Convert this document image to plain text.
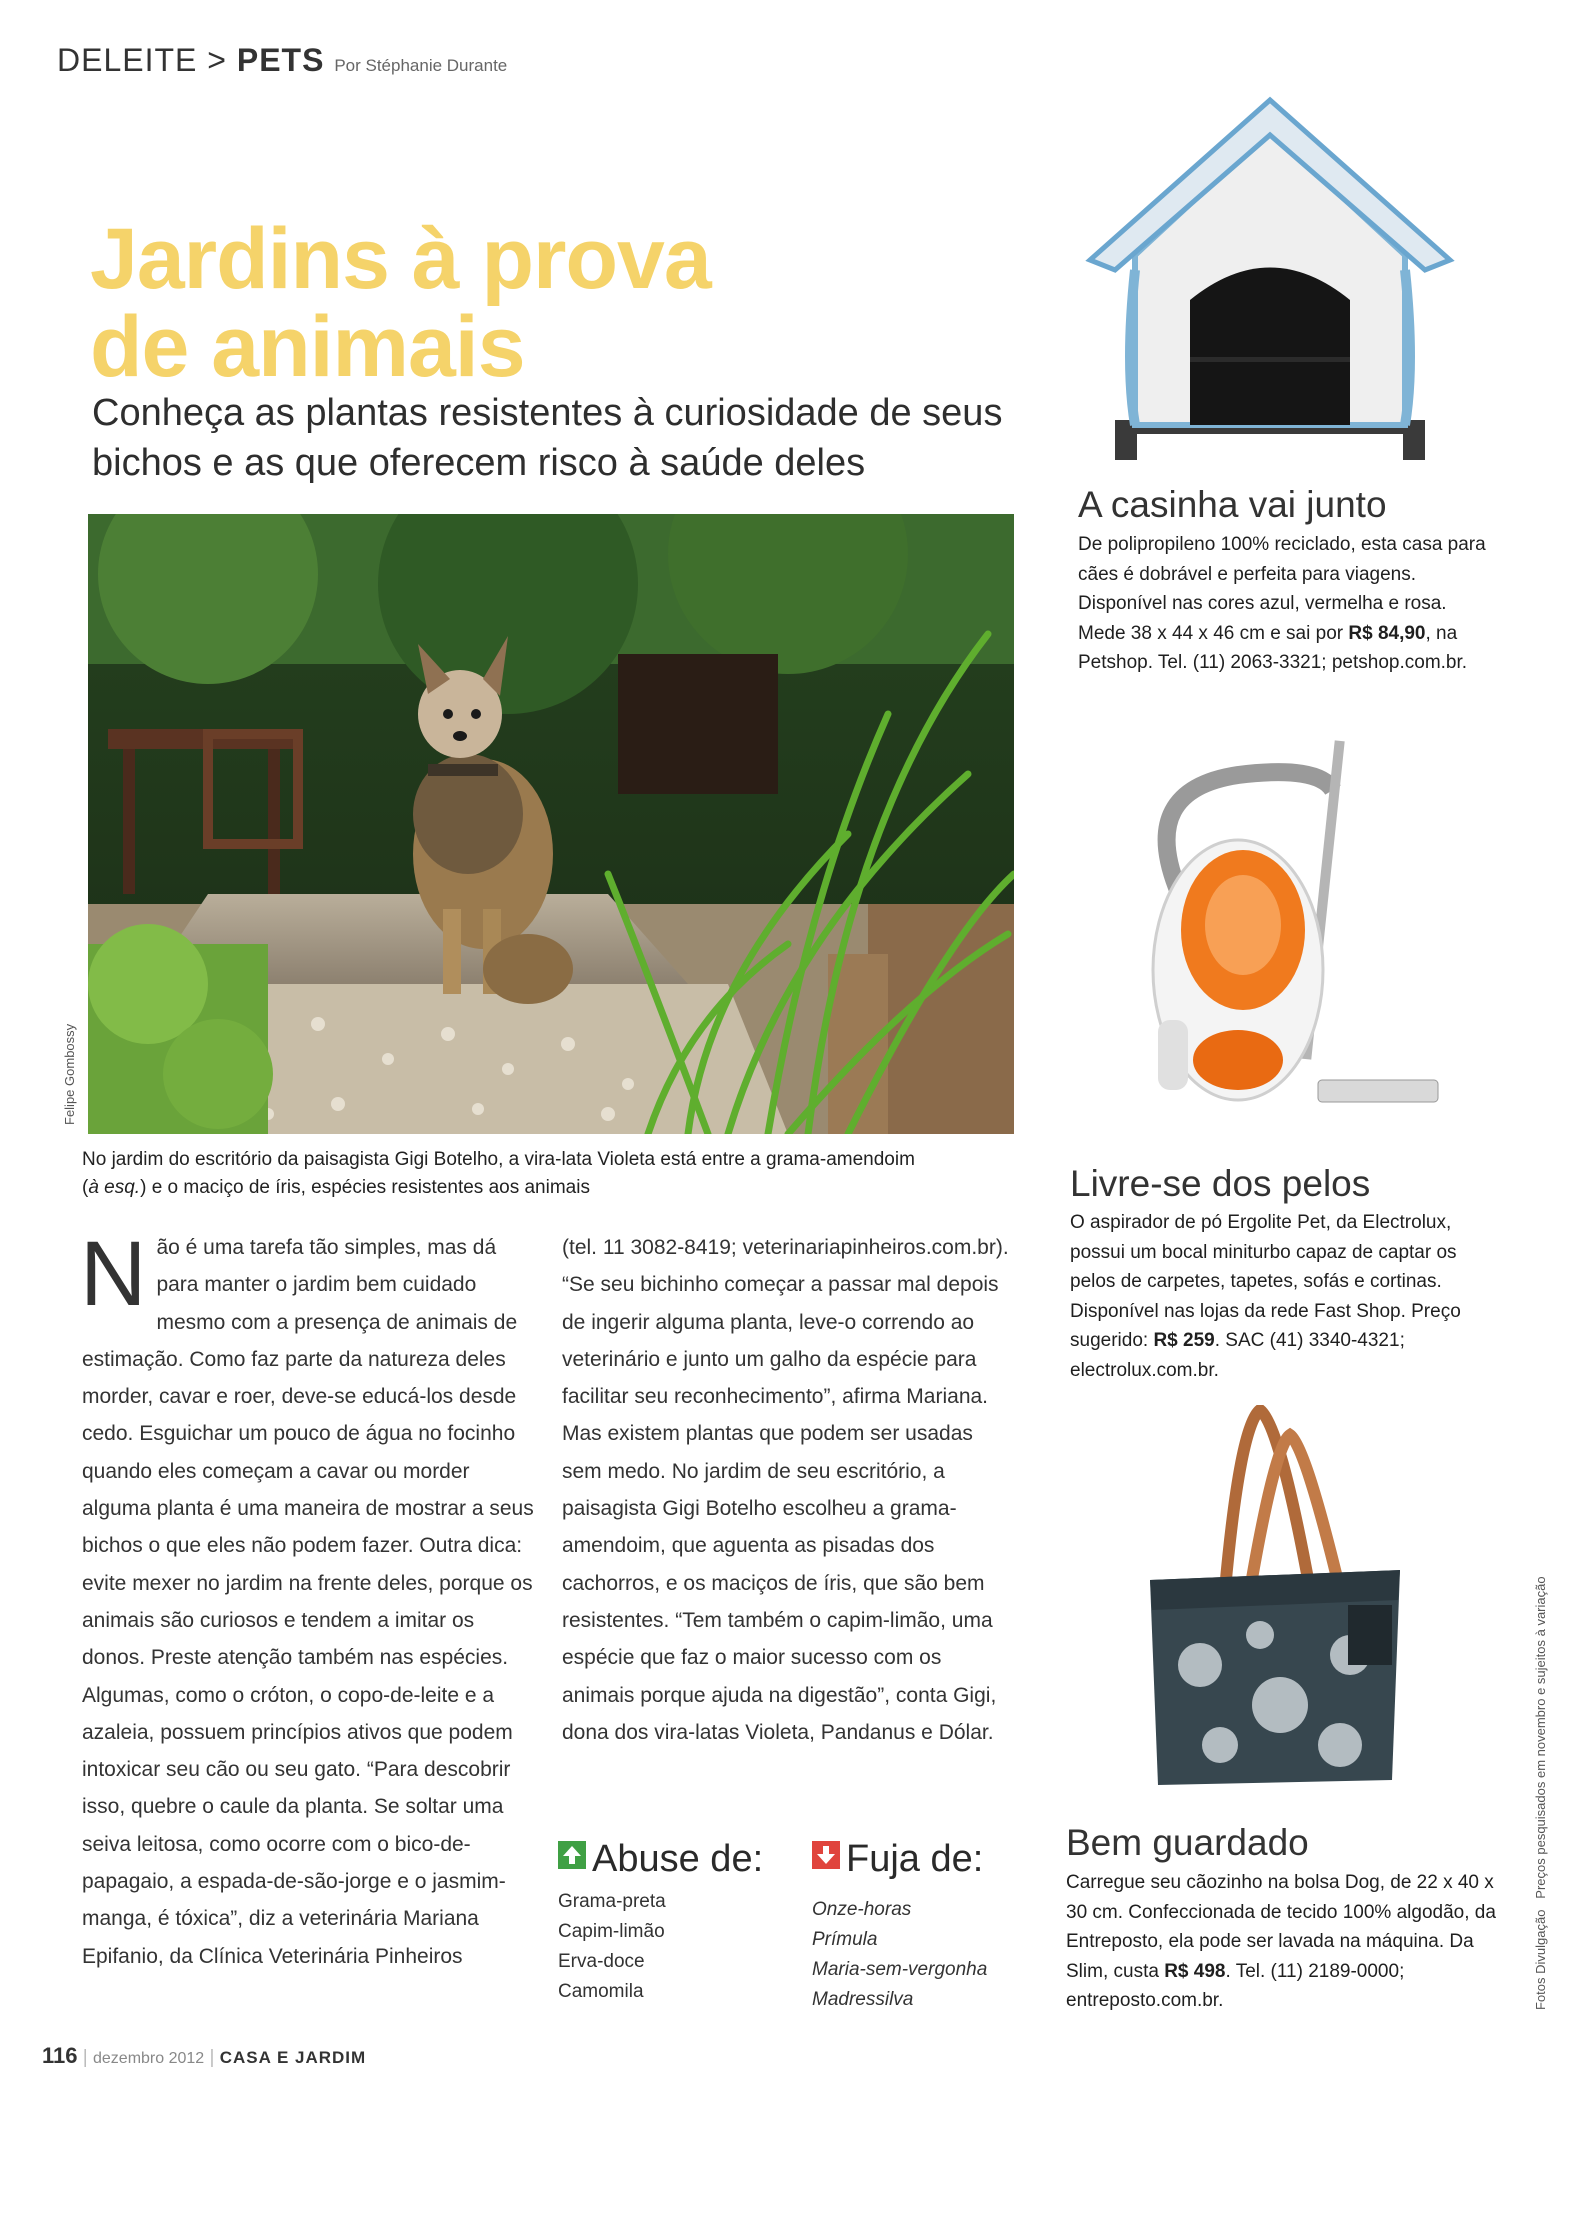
DELEITE > PETS Por Stéphanie Durante
Jardins à prova de animais
Conheça as plantas resistentes à curiosidade de seus bichos e as que oferecem risco à saúde deles
Felipe Gombossy
No jardim do escritório da paisagista Gigi Botelho, a vira-lata Violeta está entre a grama-amendoim (à esq.) e o maciço de íris, espécies resistentes aos animais
Não é uma tarefa tão simples, mas dá para manter o jardim bem cuidado mesmo com a presença de animais de estimação. Como faz parte da natureza deles morder, cavar e roer, deve-se educá-los desde cedo. Esguichar um pouco de água no focinho quando eles começam a cavar ou morder alguma planta é uma maneira de mostrar a seus bichos o que eles não podem fazer. Outra dica: evite mexer no jardim na frente deles, porque os animais são curiosos e tendem a imitar os donos. Preste atenção também nas espécies. Algumas, como o cróton, o copo-de-leite e a azaleia, possuem princípios ativos que podem intoxicar seu cão ou seu gato. “Para descobrir isso, quebre o caule da planta. Se soltar uma seiva leitosa, como ocorre com o bico-de-papagaio, a espada-de-são-jorge e o jasmim-manga, é tóxica”, diz a veterinária Mariana Epifanio, da Clínica Veterinária Pinheiros
(tel. 11 3082-8419; veterinariapinheiros.com.br). “Se seu bichinho começar a passar mal depois de ingerir alguma planta, leve-o correndo ao veterinário e junto um galho da espécie para facilitar seu reconhecimento”, afirma Mariana. Mas existem plantas que podem ser usadas sem medo. No jardim de seu escritório, a paisagista Gigi Botelho escolheu a grama-amendoim, que aguenta as pisadas dos cachorros, e os maciços de íris, que são bem resistentes. “Tem também o capim-limão, uma espécie que faz o maior sucesso com os animais porque ajuda na digestão”, conta Gigi, dona dos vira-latas Violeta, Pandanus e Dólar.
Abuse de:
Grama-preta
Capim-limão
Erva-doce
Camomila
Fuja de:
Onze-horas
Prímula
Maria-sem-vergonha
Madressilva
116 | dezembro 2012 | CASA E JARDIM
A casinha vai junto
De polipropileno 100% reciclado, esta casa para cães é dobrável e perfeita para viagens. Disponível nas cores azul, vermelha e rosa. Mede 38 x 44 x 46 cm e sai por R$ 84,90, na Petshop. Tel. (11) 2063-3321; petshop.com.br.
Livre-se dos pelos
O aspirador de pó Ergolite Pet, da Electrolux, possui um bocal miniturbo capaz de captar os pelos de carpetes, tapetes, sofás e cortinas. Disponível nas lojas da rede Fast Shop. Preço sugerido: R$ 259. SAC (41) 3340-4321; electrolux.com.br.
Bem guardado
Carregue seu cãozinho na bolsa Dog, de 22 x 40 x 30 cm. Confeccionada de tecido 100% algodão, da Entreposto, ela pode ser lavada na máquina. Da Slim, custa R$ 498. Tel. (11) 2189-0000; entreposto.com.br.	Fotos Divulgação   Preços pesquisados em novembro e sujeitos à variação
